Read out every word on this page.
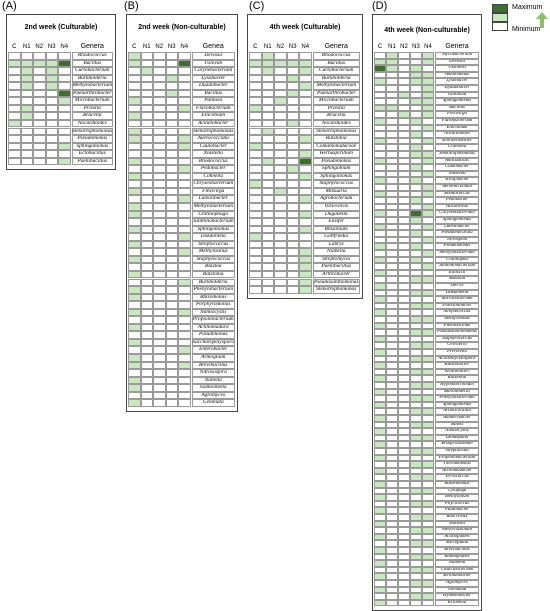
(A)	(B)	(C)	(D)
2nd week (Culturable)
C	N1 N2 N3 N4	Genera
Rhodococcus
Bacillus
Curtobacterium
Burkholderia
Methylobacterium
Paenarthrobacter
Microbacterium
Priestia
Brucella
Nocardioides
Stenotrophomonas
Pseudomonas
Sphingomonas
Ectobacillus
Paenibacillus
2nd week (Non-culturable)
C	N1 N2 N3 N4	Genea
Devosia
Uslovan
Corynebacterium
Lysobacter
Duadobacter
Bacillus
Pantoea
Flavobacterium
Ellicobium
Acinetobacter
Stenotrophomonas
Aureococcidia
Caulobacter
Niastella
Rhodococcus
Pedobacter
Cohnella
Chryseobacterium
Flexivirga
Luteolibacter
Methylobacterium
Chitinophaga
Janthinobacterium
Sphingomonas
Dokdonella
Streptococcus
Methylosinus
Staphylococcus
Blastoa
Ralstonia
Burkholderia
Phenylobacterium
Rhizomonas
Porphyromonas
Nannocystis
Propionibacterium
Actinomadura
Paludimonas
Saccharopolyspora
Enterobacter
Armoglium
Brevibacillus
Nitrosospira
Nubella
Siamoimella
Agromyces
Gemmata
4th week (Culturable)
C	N1 N2 N3 N4	Genera
Rhodococcus
Bacillus
Curtobacterium
Burkholderia
Methylobacterium
Paenarthrobacter
Microbacterium
Priestia
Brucella
Nocardioides
Stenotrophomonas
Ralstonia
Comamonadaceae
Herbaspirillum
Pseudomonas
Sphingobium
Sphingomonas
Staphylococcus
Mitsuaria
Agrobacterium
Variovorax
Duganella
Ensifer
Rhizobium
Gottfriedia
Labrys
Niabella
Streptomyces
Paenibacillus
Arthrobacter
Pseudoxanthomonas
Stenotrophomonas
4th week (Non-culturable)
C N1 N2 N3 N4	Genera
Mycobacterium
Devosia
Uklinova
Aminimonas
Lysobacter
Dyadobacter
Gordonia
Sphingomonas
Bacillus
Flexivirga
Flavobacterium
Ellicobium
Nocardioides
Solirubrobacter
Cronobla
Stenotrophomonas
Anticaucidis
Caulobacter
Niastella
Sorafibacter
Aeromicrobium
Rhodococcus
Pedobacter
Acidovorax
Chryseobacterium
Sphingomonas
Luteolibacter
Pseudonocardia
Novosphin
Pseudomonas
Methylobacterium
Chitinopha
Janthinobacterium
Ellin516
Massilia
OR-59
Dokdonella
Microbacterium
Flavisolibacter
Streptococcus
Methylosinus
Paenibacillus
Pseudoxanthomonas
Staphylococcus
Cellvibrio
Prevotella
Actinomycetospora
Kaistobacter
Arthrobacter
Ralstonia
Hyphomicrobium
Burkholderia
Phenylobacterium
Sphingomonas
Actinocorallia
Adhaeribacter
Bosea
Nannocystis
Demequina
Bradyrhizobium
Streptacidia
Propionibacterium
Thermomonas
Achromobacter
Terracoccus
Balneimonas
Cytophga
Methylibium
Phycicoccus
Patulibacter
Rubrivivax
Shinella
Mesorhizobium
Actinoplanes
Microplana
Brevibacillus
Rhodoplanes
Niabella
Clostribacterium
Steroidobacter
Agromyces
Gemmata
Hymenobacter
Kribbella
Maximum
Minimum
